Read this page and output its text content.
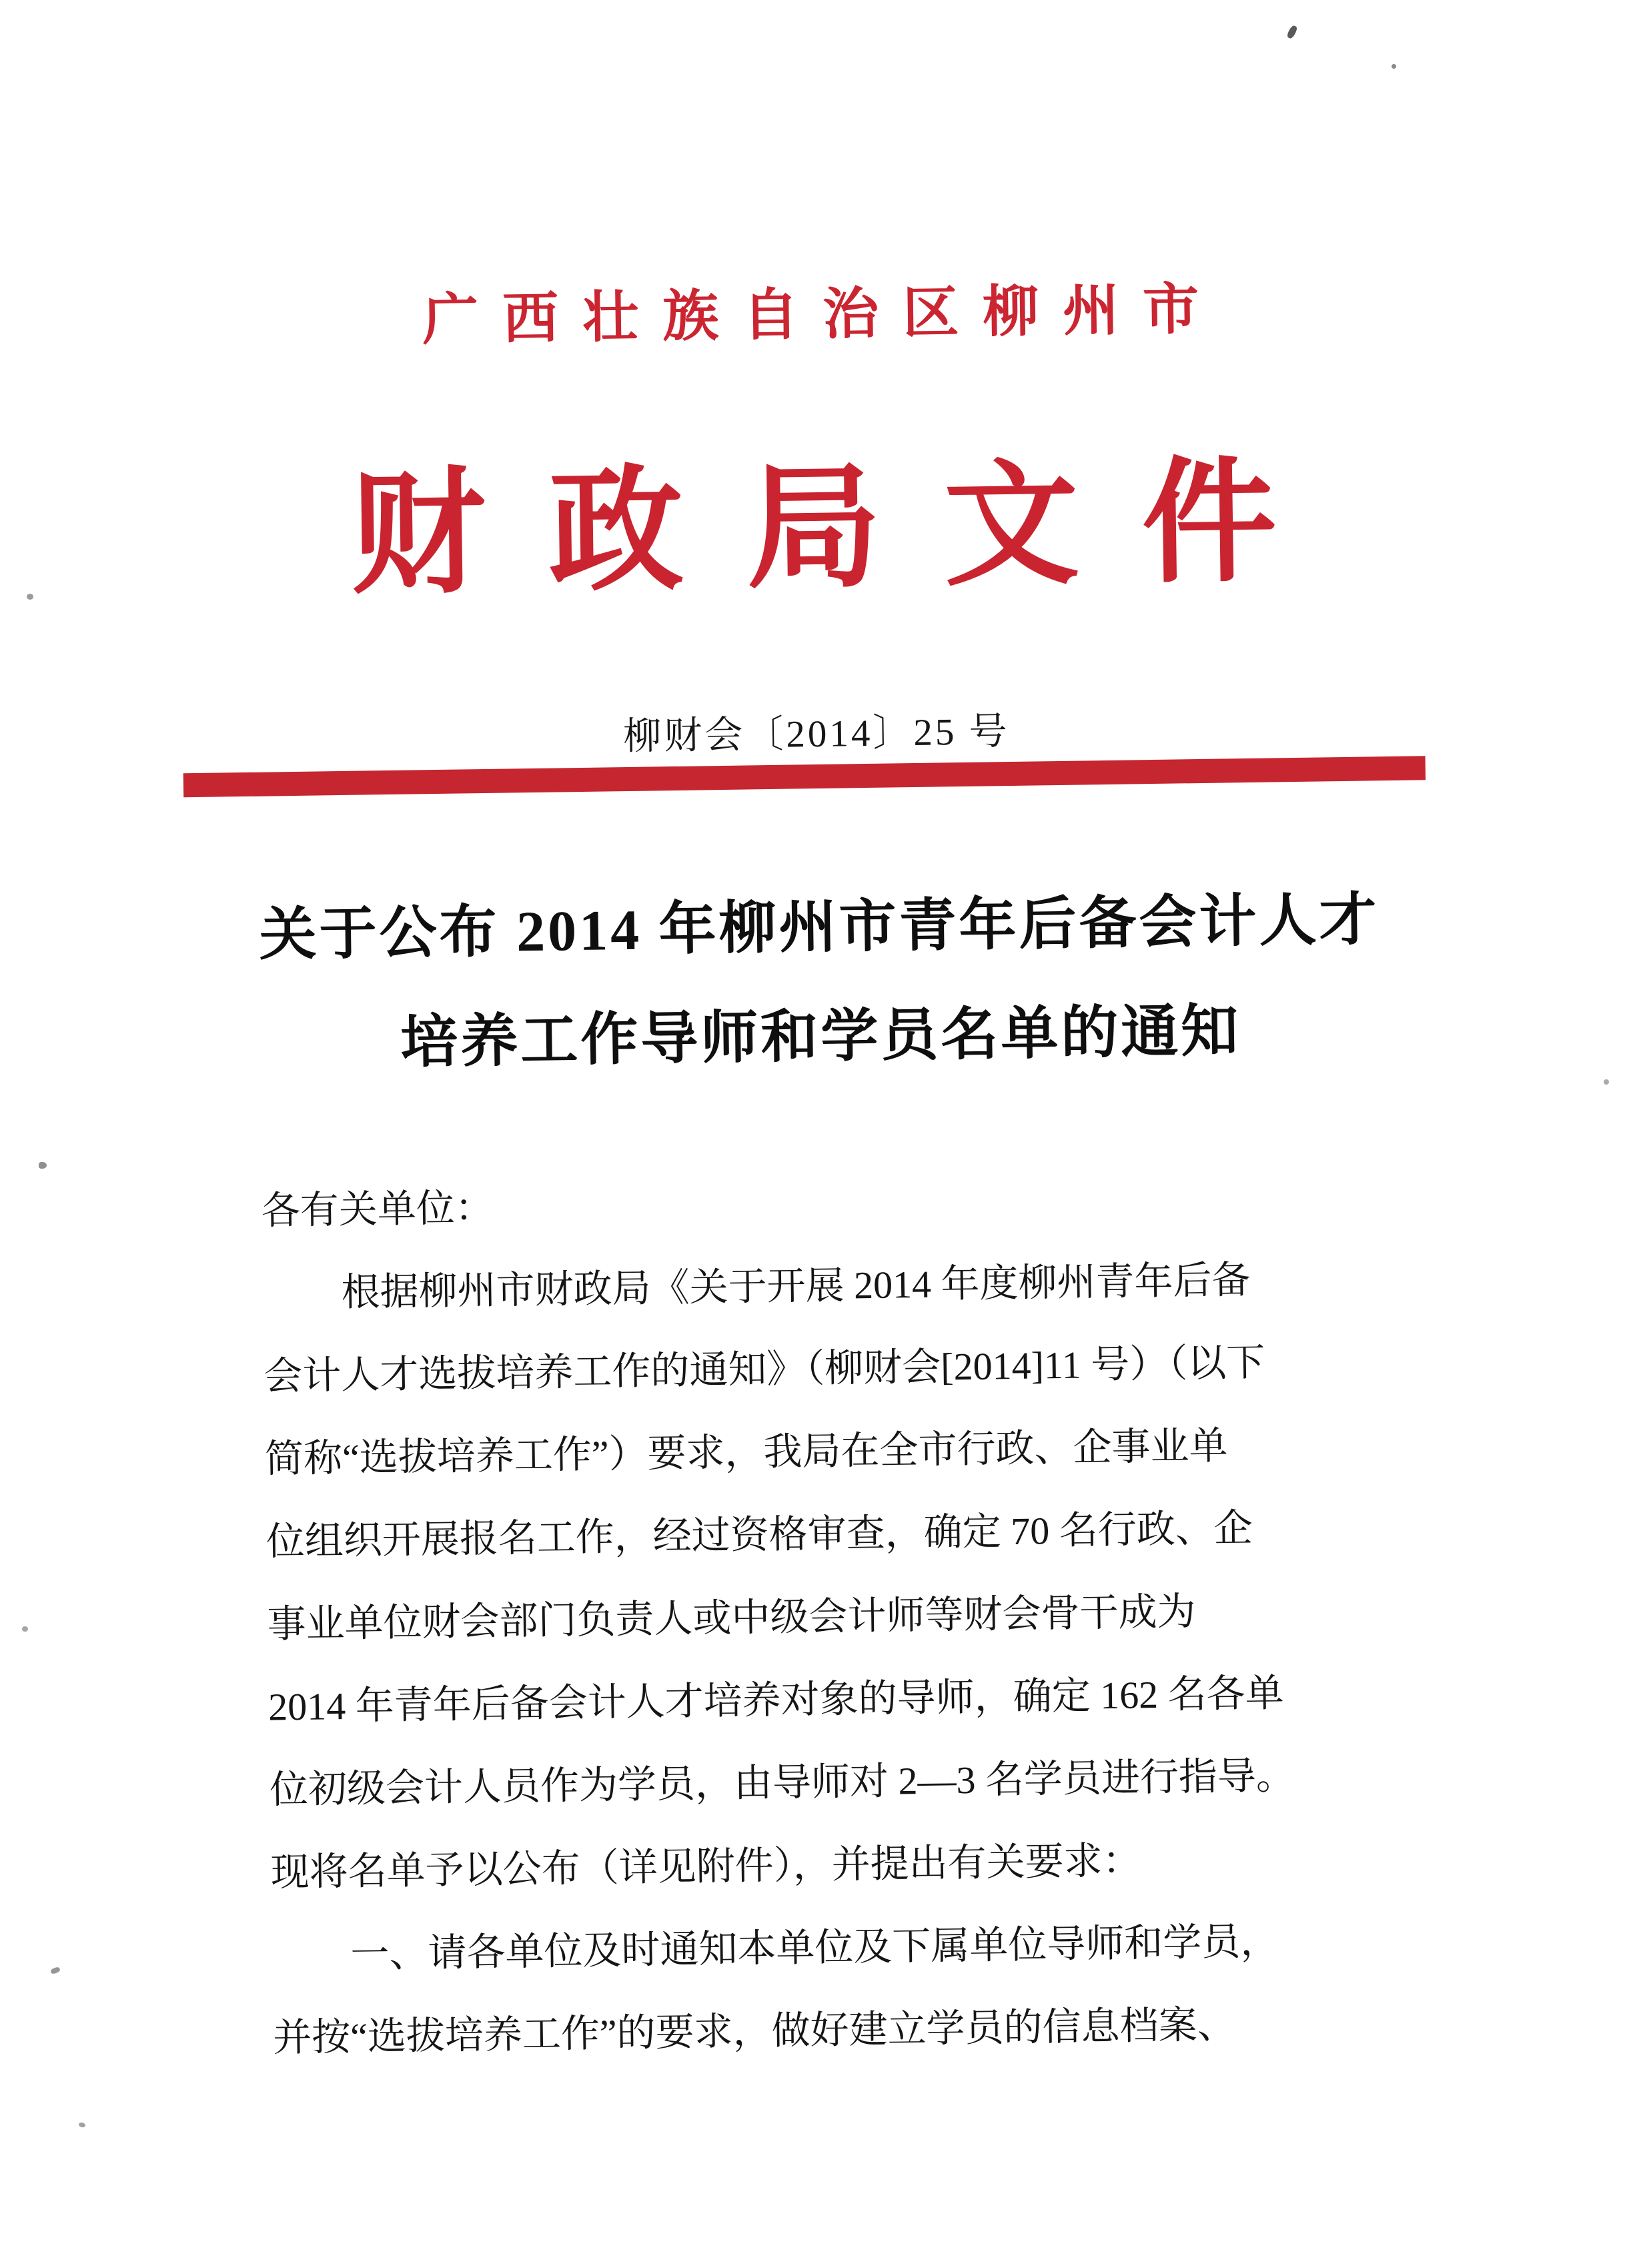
广西壮族自治区柳州市
财 政 局 文 件
柳财会〔2014〕25 号
关于公布 2014 年柳州市青年后备会计人才
培养工作导师和学员名单的通知
各有关单位：
根据柳州市财政局《关于开展 2014 年度柳州青年后备
会计人才选拔培养工作的通知》（柳财会[2014]11 号）（以下
简称“选拔培养工作”）要求，我局在全市行政、企事业单
位组织开展报名工作，经过资格审查，确定 70 名行政、企
事业单位财会部门负责人或中级会计师等财会骨干成为
2014 年青年后备会计人才培养对象的导师，确定 162 名各单
位初级会计人员作为学员，由导师对 2—3 名学员进行指导。
现将名单予以公布（详见附件），并提出有关要求：
一、请各单位及时通知本单位及下属单位导师和学员，
并按“选拔培养工作”的要求，做好建立学员的信息档案、
